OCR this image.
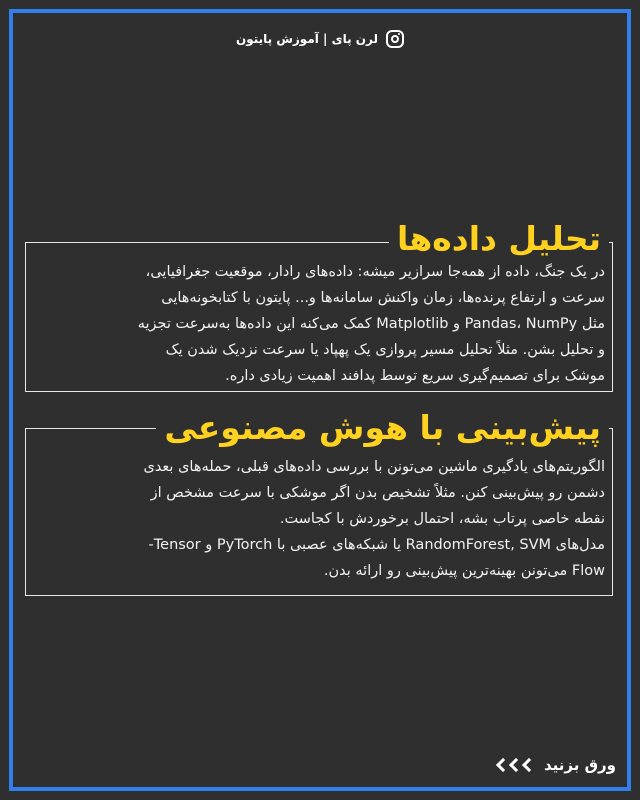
لرن پای | آموزش پایتون
تحلیل داده‌ها

در یک جنگ، داده از همه‌جا سرازیر میشه: داده‌های رادار، موقعیت جغرافیایی،

سرعت و ارتفاع پرنده‌ها، زمان واکنش سامانه‌ها و... پایتون با کتابخونه‌هایی

مثل Pandas، NumPy و Matplotlib کمک می‌کنه این داده‌ها به‌سرعت تجزیه

و تحلیل بشن. مثلاً تحلیل مسیر پروازی یک پهپاد یا سرعت نزدیک شدن یک

موشک برای تصمیم‌گیری سریع توسط پدافند اهمیت زیادی داره.

پیش‌بینی با هوش مصنوعی

الگوریتم‌های یادگیری ماشین می‌تونن با بررسی داده‌های قبلی، حمله‌های بعدی

دشمن رو پیش‌بینی کنن. مثلاً تشخیص بدن اگر موشکی با سرعت مشخص از

نقطه خاصی پرتاب بشه، احتمال برخوردش با کجاست.

مدل‌های RandomForest, SVM یا شبکه‌های عصبی با PyTorch و Tensor-

Flow می‌تونن بهینه‌ترین پیش‌بینی رو ارائه بدن.

ورق بزنید
